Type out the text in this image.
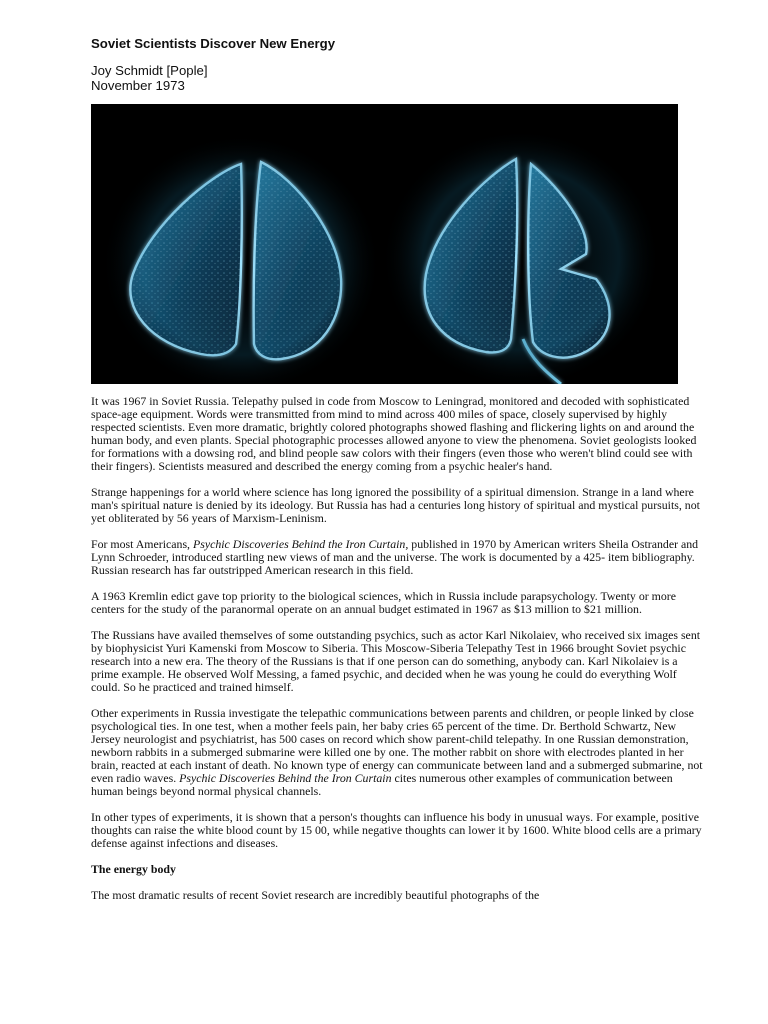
Soviet Scientists Discover New Energy
Joy Schmidt [Pople]
November 1973

It was 1967 in Soviet Russia. Telepathy pulsed in code from Moscow to Leningrad, monitored and decoded with sophisticated space-age equipment. Words were transmitted from mind to mind across 400 miles of space, closely supervised by highly respected scientists. Even more dramatic, brightly colored photographs showed flashing and flickering lights on and around the human body, and even plants. Special photographic processes allowed anyone to view the phenomena. Soviet geologists looked for formations with a dowsing rod, and blind people saw colors with their fingers (even those who weren't blind could see with their fingers). Scientists measured and described the energy coming from a psychic healer's hand.

Strange happenings for a world where science has long ignored the possibility of a spiritual dimension. Strange in a land where man's spiritual nature is denied by its ideology. But Russia has had a centuries long history of spiritual and mystical pursuits, not yet obliterated by 56 years of Marxism-Leninism.

For most Americans, Psychic Discoveries Behind the Iron Curtain, published in 1970 by American writers Sheila Ostrander and Lynn Schroeder, introduced startling new views of man and the universe. The work is documented by a 425- item bibliography. Russian research has far outstripped American research in this field.

A 1963 Kremlin edict gave top priority to the biological sciences, which in Russia include parapsychology. Twenty or more centers for the study of the paranormal operate on an annual budget estimated in 1967 as $13 million to $21 million.

The Russians have availed themselves of some outstanding psychics, such as actor Karl Nikolaiev, who received six images sent by biophysicist Yuri Kamenski from Moscow to Siberia. This Moscow-Siberia Telepathy Test in 1966 brought Soviet psychic research into a new era. The theory of the Russians is that if one person can do something, anybody can. Karl Nikolaiev is a prime example. He observed Wolf Messing, a famed psychic, and decided when he was young he could do everything Wolf could. So he practiced and trained himself.

Other experiments in Russia investigate the telepathic communications between parents and children, or people linked by close psychological ties. In one test, when a mother feels pain, her baby cries 65 percent of the time. Dr. Berthold Schwartz, New Jersey neurologist and psychiatrist, has 500 cases on record which show parent-child telepathy. In one Russian demonstration, newborn rabbits in a submerged submarine were killed one by one. The mother rabbit on shore with electrodes planted in her brain, reacted at each instant of death. No known type of energy can communicate between land and a submerged submarine, not even radio waves. Psychic Discoveries Behind the Iron Curtain cites numerous other examples of communication between human beings beyond normal physical channels.

In other types of experiments, it is shown that a person's thoughts can influence his body in unusual ways. For example, positive thoughts can raise the white blood count by 15 00, while negative thoughts can lower it by 1600. White blood cells are a primary defense against infections and diseases.

The energy body

The most dramatic results of recent Soviet research are incredibly beautiful photographs of the
